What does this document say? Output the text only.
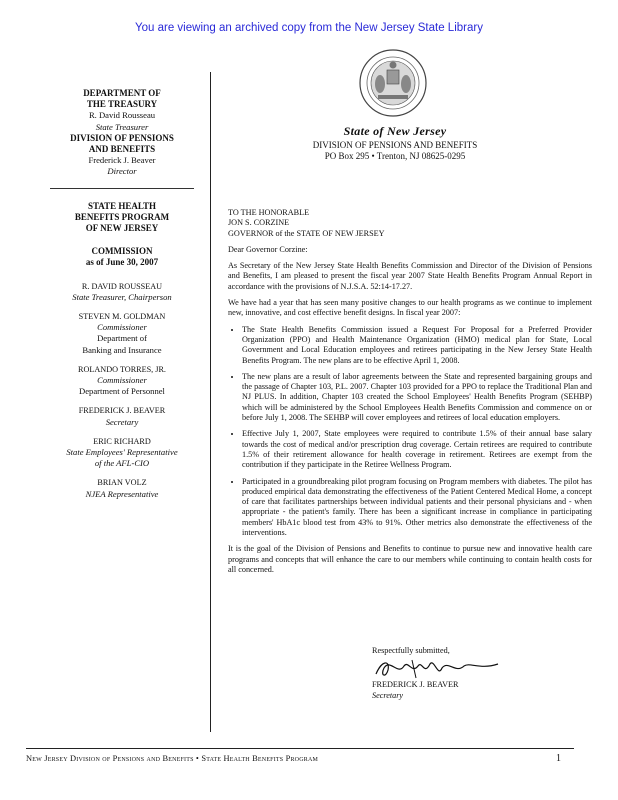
You are viewing an archived copy from the New Jersey State Library
DEPARTMENT OF
THE TREASURY
R. David Rousseau
State Treasurer
DIVISION OF PENSIONS
AND BENEFITS
Frederick J. Beaver
Director
STATE HEALTH
BENEFITS PROGRAM
OF NEW JERSEY
COMMISSION
as of June 30, 2007
R. DAVID ROUSSEAU
State Treasurer, Chairperson
STEVEN M. GOLDMAN
Commissioner
Department of
Banking and Insurance
ROLANDO TORRES, JR.
Commissioner
Department of Personnel
FREDERICK J. BEAVER
Secretary
ERIC RICHARD
State Employees' Representative
of the AFL-CIO
BRIAN VOLZ
NJEA Representative
State of New Jersey
DIVISION OF PENSIONS AND BENEFITS
PO Box 295 • Trenton, NJ 08625-0295
TO THE HONORABLE
JON S. CORZINE
GOVERNOR of the STATE OF NEW JERSEY

Dear Governor Corzine:

As Secretary of the New Jersey State Health Benefits Commission and Director of the Division of Pensions and Benefits, I am pleased to present the fiscal year 2007 State Health Benefits Program Annual Report in accordance with the provisions of N.J.S.A. 52:14-17.27.

We have had a year that has seen many positive changes to our health programs as we continue to implement new, innovative, and cost effective benefit designs. In fiscal year 2007:

• The State Health Benefits Commission issued a Request For Proposal for a Preferred Provider Organization (PPO) and Health Maintenance Organization (HMO) medical plan for State, Local Government and Local Education employees and retirees participating in the New Jersey State Health Benefits Program. The new plans are to be effective April 1, 2008.
• The new plans are a result of labor agreements between the State and represented bargaining groups and the passage of Chapter 103, P.L. 2007. Chapter 103 provided for a PPO to replace the Traditional Plan and NJ PLUS. In addition, Chapter 103 created the School Employees' Health Benefits Program (SEHBP) which will be administered by the School Employees Health Benefits Commission and commence on or before July 1, 2008. The SEHBP will cover employees and retirees of local education employers.
• Effective July 1, 2007, State employees were required to contribute 1.5% of their annual base salary towards the cost of medical and/or prescription drug coverage. Certain retirees are required to contribute 1.5% of their retirement allowance for health coverage in retirement. Retirees are exempt from the contribution if they participate in the Retiree Wellness Program.
• Participated in a groundbreaking pilot program focusing on Program members with diabetes. The pilot has produced empirical data demonstrating the effectiveness of the Patient Centered Medical Home, a concept of care that facilitates partnerships between individual patients and their personal physicians and - when appropriate - the patient's family. There has been a significant increase in compliance in participating members' HbA1c blood test from 43% to 91%. Other metrics also demonstrate the effectiveness of the interventions.

It is the goal of the Division of Pensions and Benefits to continue to pursue new and innovative health care programs and concepts that will enhance the care to our members while continuing to contain health costs for all concerned.

Respectfully submitted,
FREDERICK J. BEAVER
Secretary
New Jersey Division of Pensions and Benefits • State Health Benefits Program	1
